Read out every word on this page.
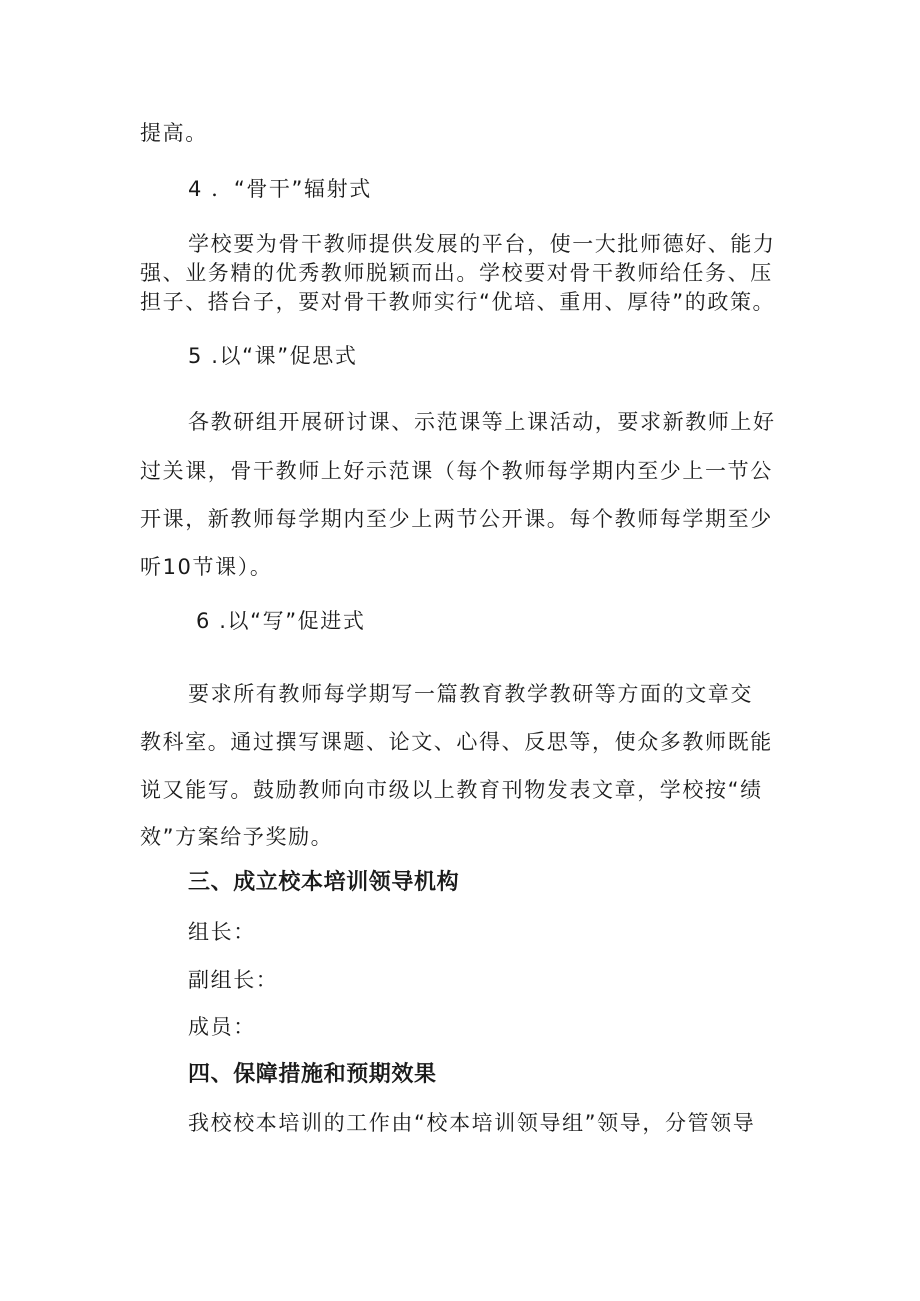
提高。
4 ．“骨干”辐射式
学校要为骨干教师提供发展的平台，使一大批师德好、能力
强、业务精的优秀教师脱颖而出。学校要对骨干教师给任务、压
担子、搭台子，要对骨干教师实行“优培、重用、厚待”的政策。
5 .以“课”促思式
各教研组开展研讨课、示范课等上课活动，要求新教师上好
过关课，骨干教师上好示范课（每个教师每学期内至少上一节公
开课，新教师每学期内至少上两节公开课。每个教师每学期至少
听10节课）。
6 .以“写”促进式
要求所有教师每学期写一篇教育教学教研等方面的文章交
教科室。通过撰写课题、论文、心得、反思等，使众多教师既能
说又能写。鼓励教师向市级以上教育刊物发表文章，学校按“绩
效”方案给予奖励。
三、成立校本培训领导机构
组长：
副组长：
成员：
四、保障措施和预期效果
我校校本培训的工作由“校本培训领导组”领导，分管领导
